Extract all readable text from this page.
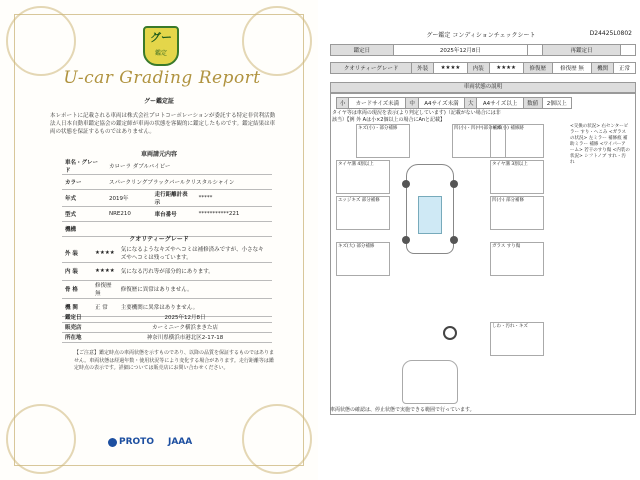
グー
鑑定
U-car Grading Report
グー鑑定証
本レポートに記載される車両は株式会社プロトコーポレーションが委託する特定非営利活動法人日本自動車鑑定協会の鑑定師が車両の状態を客観的に鑑定したものです。鑑定結果は車両の状態を保証するものではありません。
車両請元内容
車名・グレード	カローラ ダブルバイビー		
カラー	スパークリングブラックパールクリスタルシャイン		
年式	2019年	走行距離計表示	*****
型式	NRE210	車台番号	***********221
機構			
クオリティーグレード
外 装	★★★★	気になるようなキズやヘコミは補修済みですが、小さなキズやヘコミは残っています。
内 装	★★★★	気になる汚れ等が部分的にあります。
骨 格	修復歴 無	修復歴に異常はありません。
機 関	正 常	主要機関に異常はありません。
鑑定日	2025年12月8日
販売店	カーミニーク横浜まきた店
所在地	神奈川県横浜市港北区2-17-18
【ご注意】鑑定時点の車両状態を示すものであり、以降の品質を保証するものではありません。車両状態は経過年数・使用状況等により変化する場合があります。走行距離等は鑑定時点の表示です。詳細については販売店にお問い合わせください。
PROTO JAAA
グー鑑定 コンディションチェックシート	D24425L0802
鑑定日	2025年12月8日		再鑑定日	
クオリティーグレード	外装	★★★★	内装	★★★★	修復歴	修復歴 無	機関	正常
車両状態の説明
小	カードサイズ未満	中	A4サイズ未満	大	A4サイズ以上	数値	2個以上
タイヤ等は車両の現況を表示(より判定しています)（記載がない場合には非該当）【例 外 Aは小×2個以上の場合にAnと記載】
キズ(小)・部分補修	凹(小)・凹(中)部分補修
タイヤ溝 4割以上	タイヤ溝 3割以上
キズ(小) 補修跡
エッジキズ 部分補修	凹(小) 部分補修
キズ(大) 部分補修	ガラス すり傷
しわ・汚れ・キズ
<交換の状況> 右センターピラー すり・へこみ <ガラスの状況> 左ミラー 補修痕 補助ミラー 補修 <ワイパーアーム> 若干のすり傷 <内装の状況> シフトノブ すれ・汚れ
車両状態の確認は、停止状態で実施できる範囲で行っています。
